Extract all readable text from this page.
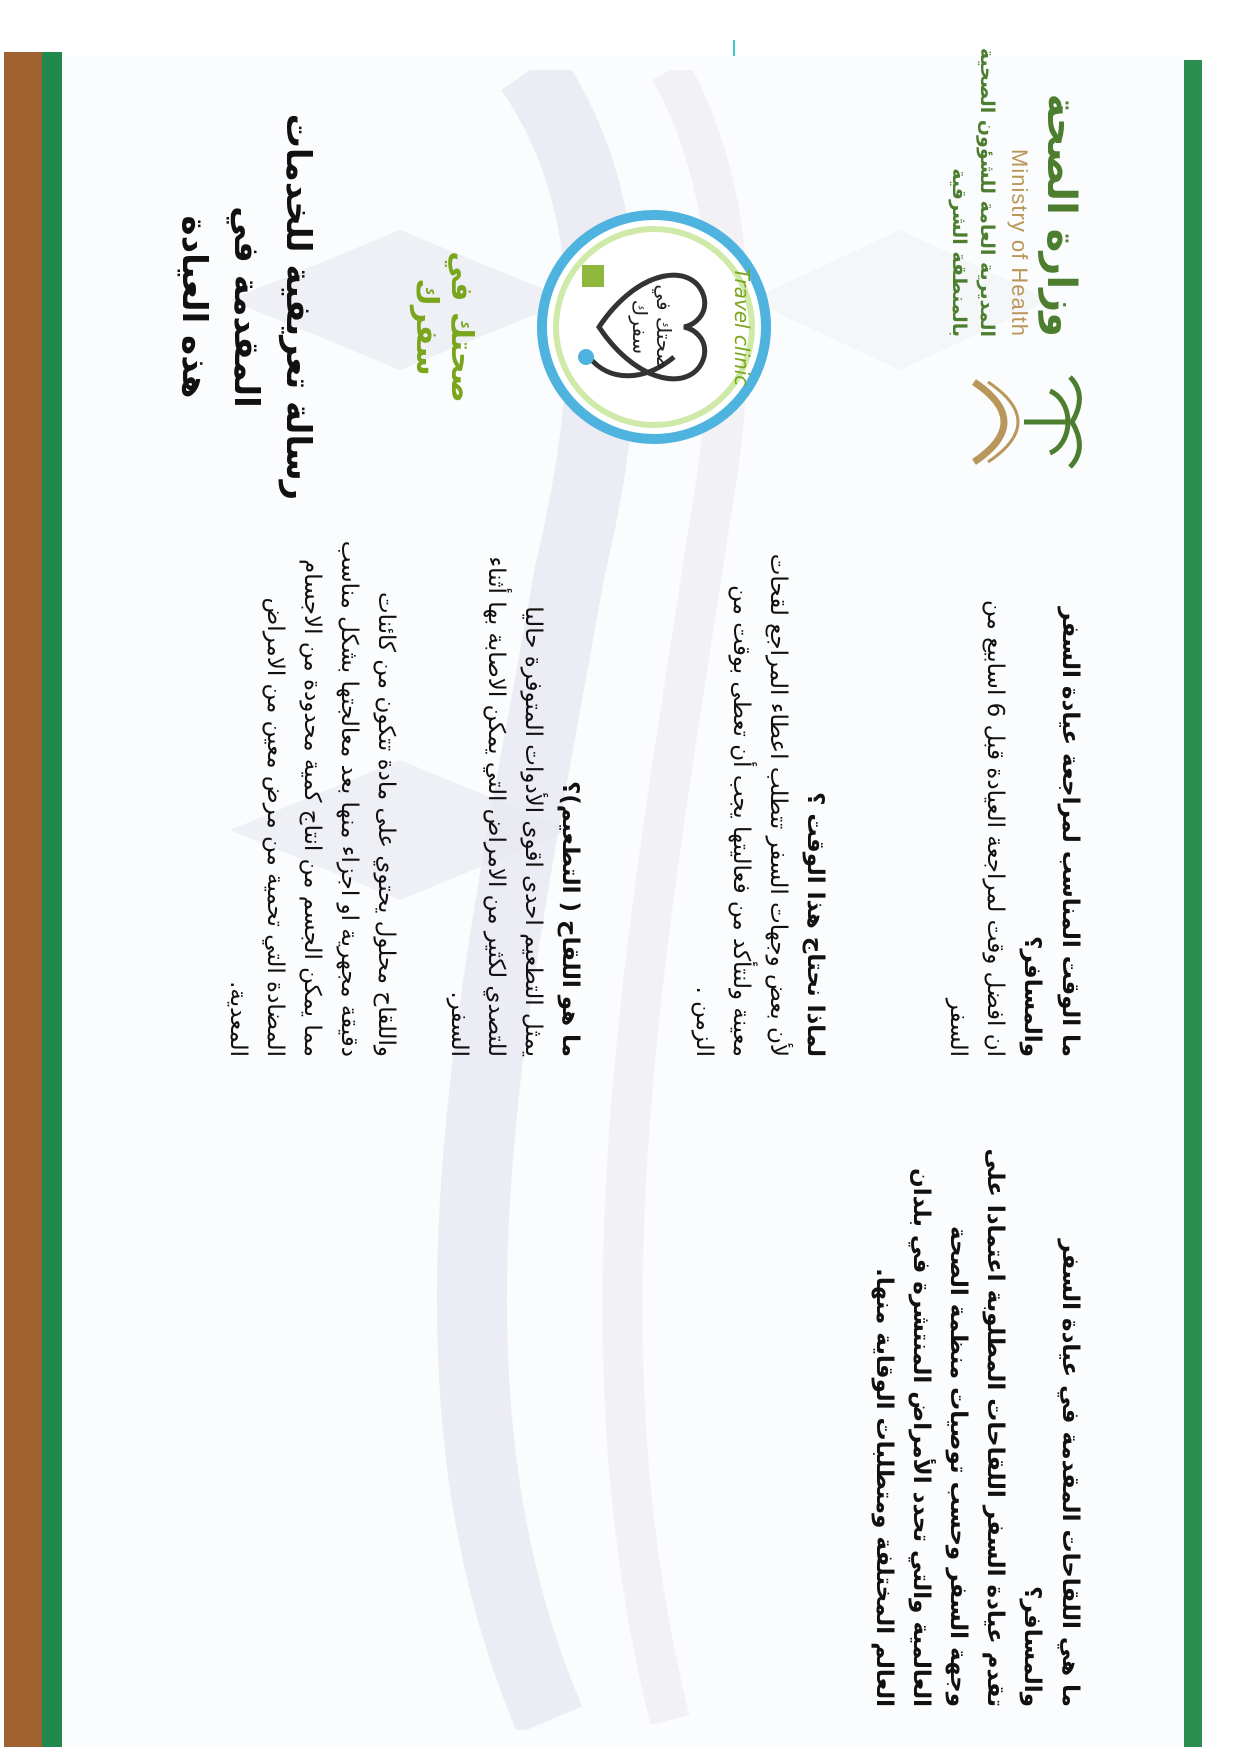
ما هي اللقاحات المقدمة في عيادة السفر والمسافر؟

تقدم عيادة السفر اللقاحات المطلوبة اعتمادا على وجهة السفر وحسب توصيات منظمة الصحة العالمية والتي تحدد الأمراض المنتشرة في بلدان العالم المختلفة ومتطلبات الوقاية منها.

ما الوقت المناسب لمراجعة عيادة السفر والمسافر؟

ان افضل وقت لمراجعة العيادة قبل 6 اسابيع من السفر

لماذا نحتاج هذا الوقت ؟

لأن بعض وجهات السفر تتطلب اعطاء المراجع لقحات معينة ولنتأكد من فعاليتها يجب أن تعطى بوقت من الزمن .

ما هو اللقاح ( التطعيم)؟

يمثل التطعيم احدى اقوى الأدوات المتوفرة حاليا للتصدي لكثير من الامراض التي يمكن الاصابة بها أثناء السفر.

واللقاح محلول يحتوي على مادة تتكون من كائنات دقيقة مجهرية او اجزاء منها بعد معالجتها بشكل مناسب مما يمكن الجسم من انتاج كمية محدودة من الاجسام المضادة التي تحمية من مرض معين من الامراض المعدية.

وزارة الصحة
Ministry of Health
المديرية العامة للشؤون الصحية
بالمنطقة الشرقية
صحتك في سفرك	Travel clinic
صحتك في سفرك
رسالة تعريفية للخدمات المقدمة في
هذه العيادة
